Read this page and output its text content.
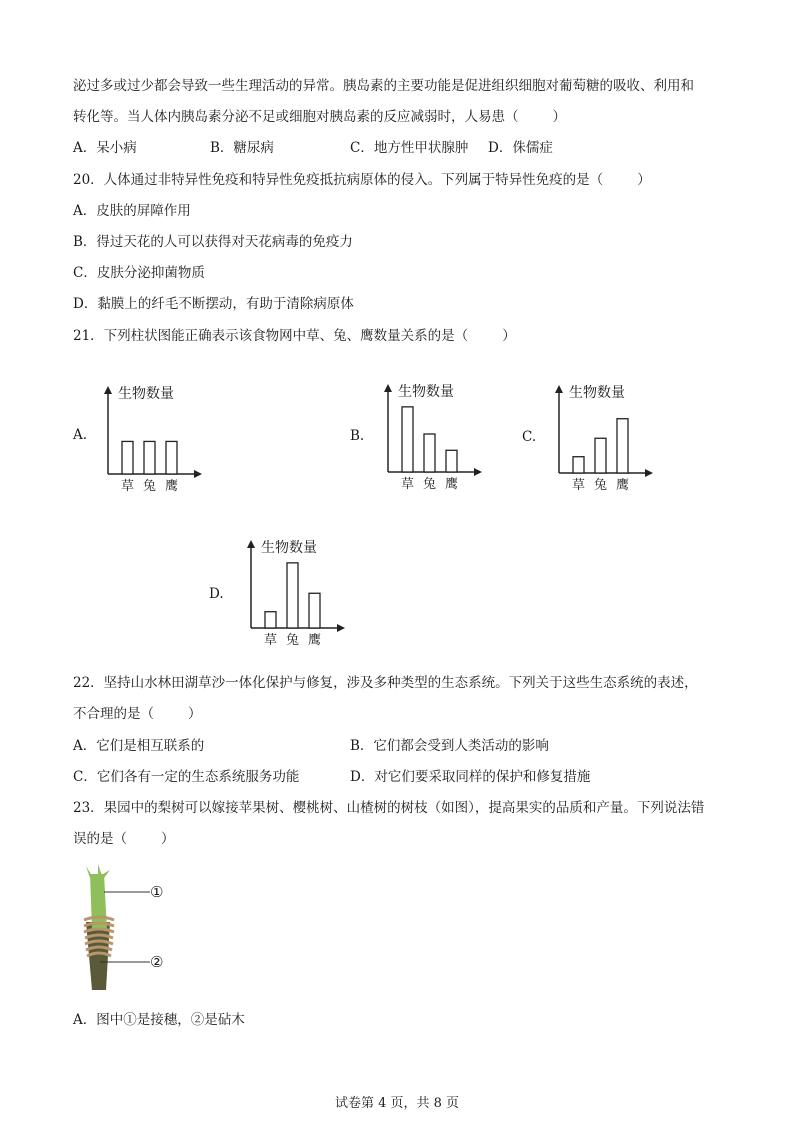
泌过多或过少都会导致一些生理活动的异常。胰岛素的主要功能是促进组织细胞对葡萄糖的吸收、利用和
转化等。当人体内胰岛素分泌不足或细胞对胰岛素的反应减弱时，人易患（	）
A．呆小病	B．糖尿病	C．地方性甲状腺肿 D．侏儒症
20．人体通过非特异性免疫和特异性免疫抵抗病原体的侵入。下列属于特异性免疫的是（	）
A．皮肤的屏障作用
B．得过天花的人可以获得对天花病毒的免疫力
C．皮肤分泌抑菌物质
D．黏膜上的纤毛不断摆动，有助于清除病原体
21．下列柱状图能正确表示该食物网中草、兔、鹰数量关系的是（	）
A.
生物数量
草 兔 鹰
B.
生物数量
草 兔 鹰
C.
生物数量
草 兔 鹰
D.
生物数量
草 兔 鹰
22．坚持山水林田湖草沙一体化保护与修复，涉及多种类型的生态系统。下列关于这些生态系统的表述，
不合理的是（	）
A．它们是相互联系的	B．它们都会受到人类活动的影响
C．它们各有一定的生态系统服务功能	D．对它们要采取同样的保护和修复措施
23．果园中的梨树可以嫁接苹果树、樱桃树、山楂树的树枝（如图），提高果实的品质和产量。下列说法错
误的是（	）
①
②
A．图中①是接穗，②是砧木
试卷第 4 页，共 8 页
